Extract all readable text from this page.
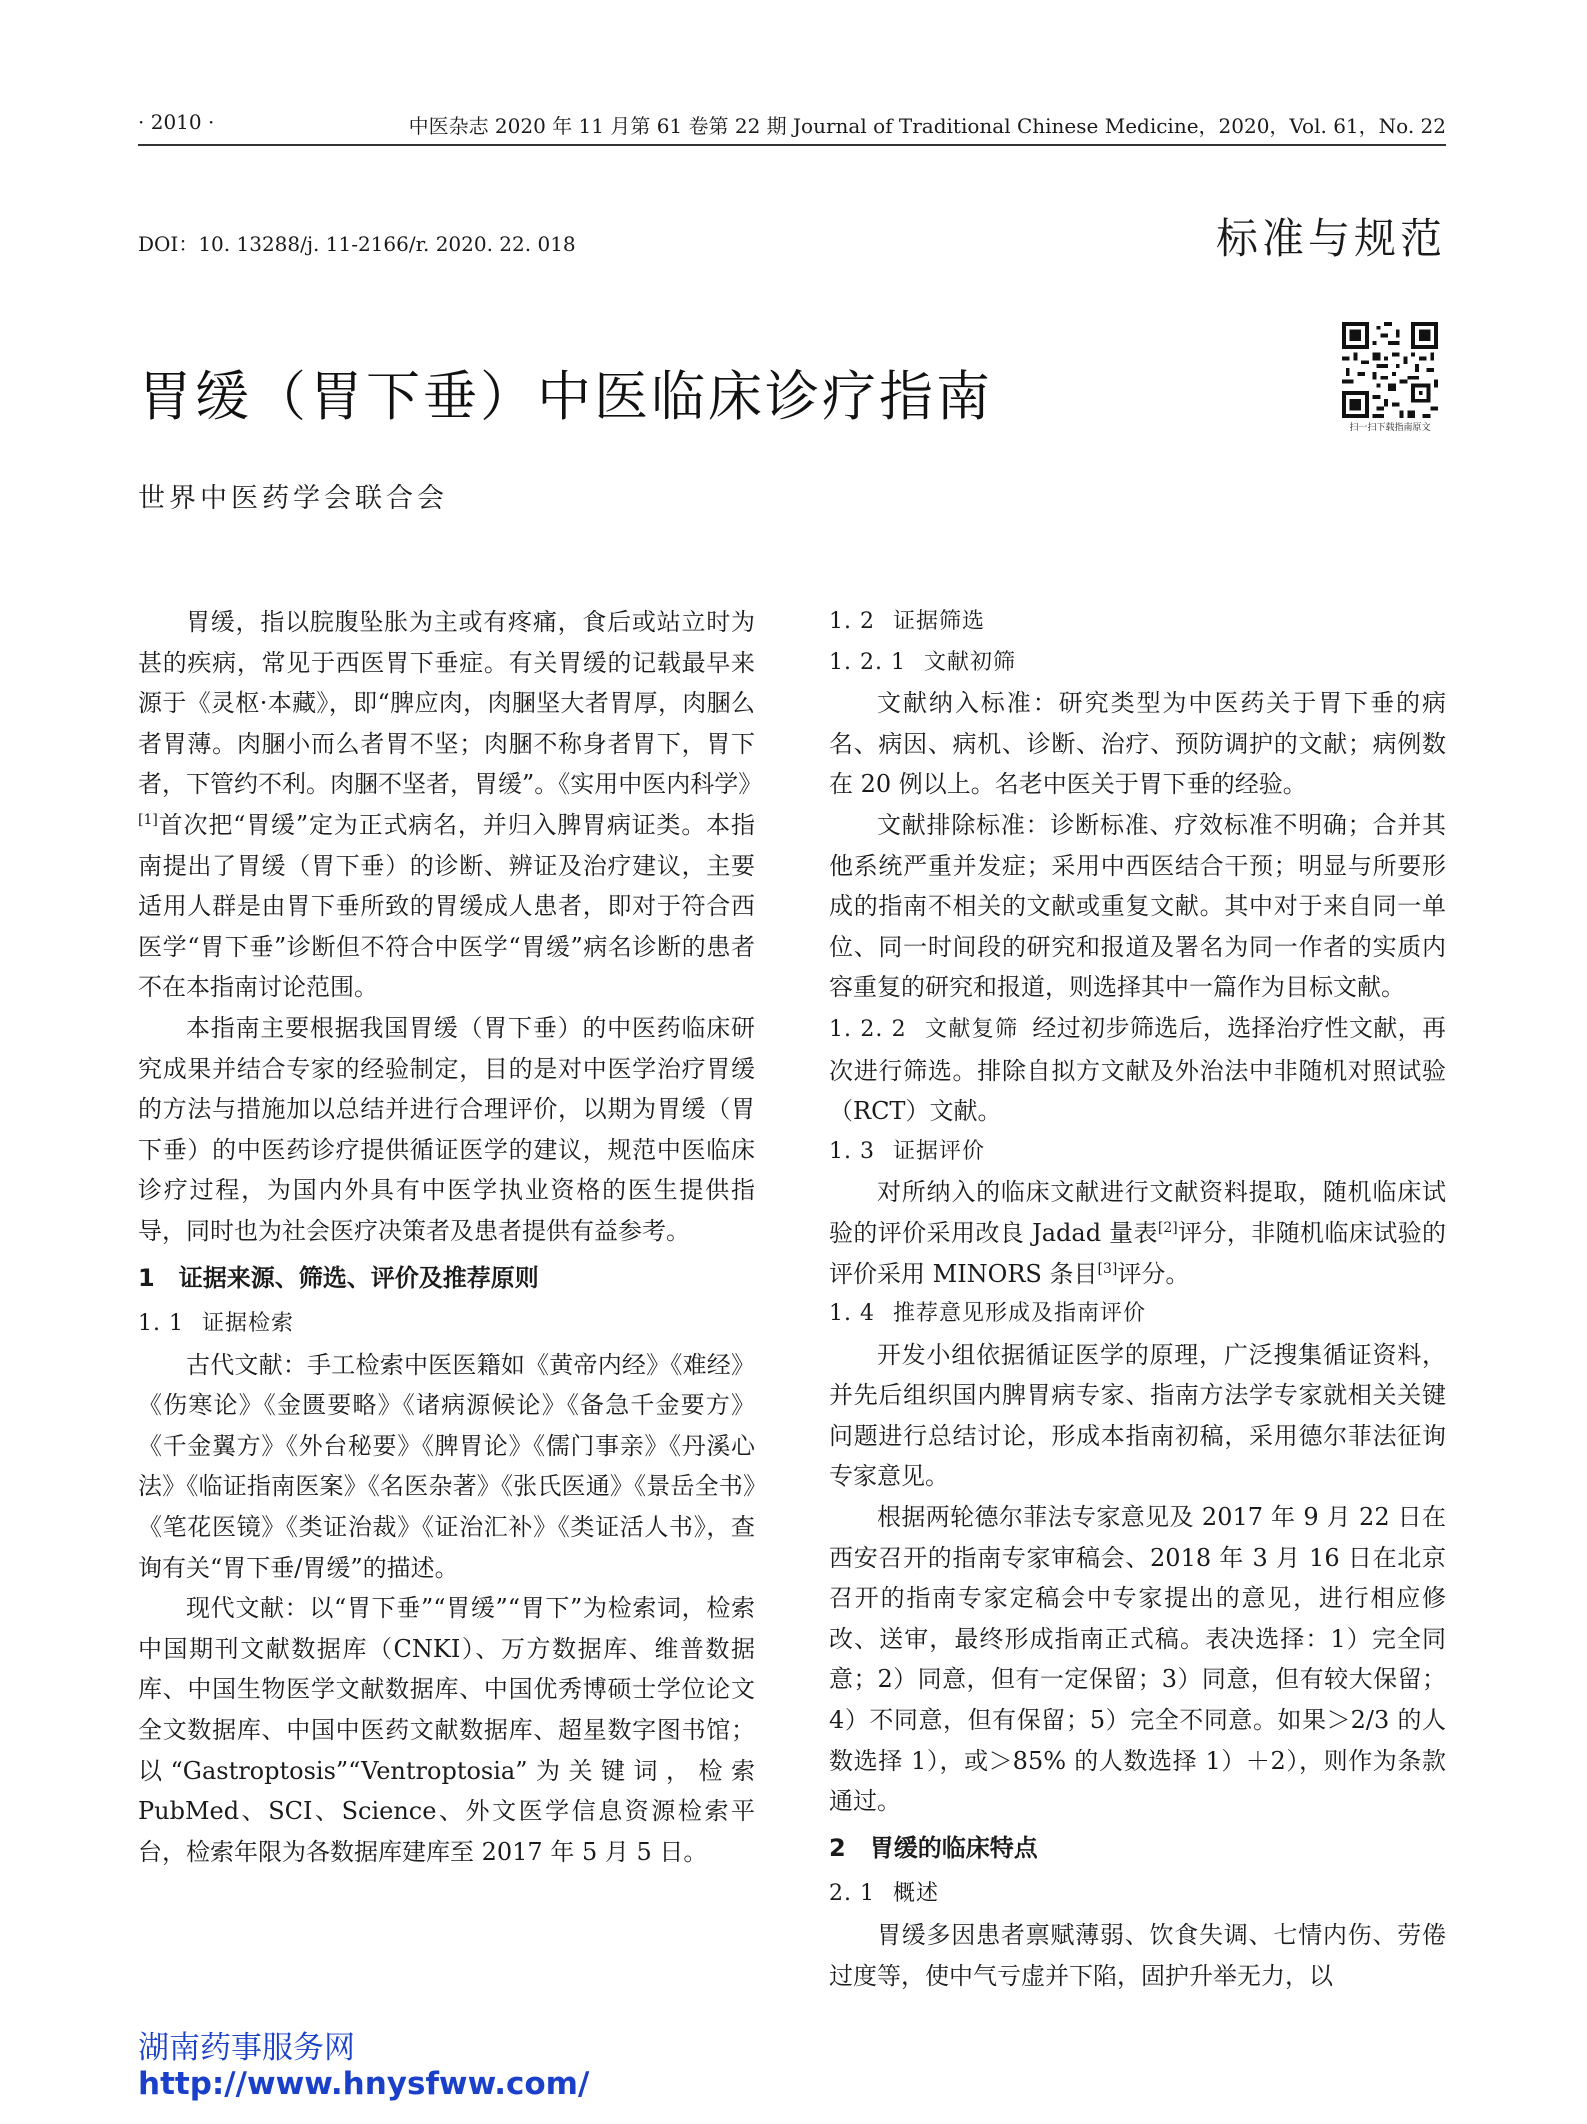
· 2010 ·	中医杂志 2020 年 11 月第 61 卷第 22 期 Journal of Traditional Chinese Medicine，2020，Vol. 61，No. 22
DOI：10. 13288/j. 11-2166/r. 2020. 22. 018	标准与规范
胃缓（胃下垂）中医临床诊疗指南	扫一扫下载指南原文
世界中医药学会联合会

胃缓，指以脘腹坠胀为主或有疼痛，食后或站立时为甚的疾病，常见于西医胃下垂症。有关胃缓的记载最早来源于《灵枢·本藏》，即“脾应肉，肉䐃坚大者胃厚，肉䐃么者胃薄。肉䐃小而么者胃不坚；肉䐃不称身者胃下，胃下者，下管约不利。肉䐃不坚者，胃缓”。《实用中医内科学》[1]首次把“胃缓”定为正式病名，并归入脾胃病证类。本指南提出了胃缓（胃下垂）的诊断、辨证及治疗建议，主要适用人群是由胃下垂所致的胃缓成人患者，即对于符合西医学“胃下垂”诊断但不符合中医学“胃缓”病名诊断的患者不在本指南讨论范围。

本指南主要根据我国胃缓（胃下垂）的中医药临床研究成果并结合专家的经验制定，目的是对中医学治疗胃缓的方法与措施加以总结并进行合理评价，以期为胃缓（胃下垂）的中医药诊疗提供循证医学的建议，规范中医临床诊疗过程，为国内外具有中医学执业资格的医生提供指导，同时也为社会医疗决策者及患者提供有益参考。

1　证据来源、筛选、评价及推荐原则
1. 1 证据检索

古代文献：手工检索中医医籍如《黄帝内经》《难经》《伤寒论》《金匮要略》《诸病源候论》《备急千金要方》《千金翼方》《外台秘要》《脾胃论》《儒门事亲》《丹溪心法》《临证指南医案》《名医杂著》《张氏医通》《景岳全书》《笔花医镜》《类证治裁》《证治汇补》《类证活人书》，查询有关“胃下垂/胃缓”的描述。

现代文献：以“胃下垂”“胃缓”“胃下”为检索词，检索中国期刊文献数据库（CNKI）、万方数据库、维普数据库、中国生物医学文献数据库、中国优秀博硕士学位论文全文数据库、中国中医药文献数据库、超星数字图书馆；以“Gastroptosis”“Ventroptosia”为关键词，检索 PubMed、SCI、Science、外文医学信息资源检索平台，检索年限为各数据库建库至 2017 年 5 月 5 日。

1. 2 证据筛选
1. 2. 1 文献初筛

文献纳入标准：研究类型为中医药关于胃下垂的病名、病因、病机、诊断、治疗、预防调护的文献；病例数在 20 例以上。名老中医关于胃下垂的经验。

文献排除标准：诊断标准、疗效标准不明确；合并其他系统严重并发症；采用中西医结合干预；明显与所要形成的指南不相关的文献或重复文献。其中对于来自同一单位、同一时间段的研究和报道及署名为同一作者的实质内容重复的研究和报道，则选择其中一篇作为目标文献。

1. 2. 2 文献复筛 经过初步筛选后，选择治疗性文献，再次进行筛选。排除自拟方文献及外治法中非随机对照试验（RCT）文献。

1. 3 证据评价

对所纳入的临床文献进行文献资料提取，随机临床试验的评价采用改良 Jadad 量表[2]评分，非随机临床试验的评价采用 MINORS 条目[3]评分。

1. 4 推荐意见形成及指南评价

开发小组依据循证医学的原理，广泛搜集循证资料，并先后组织国内脾胃病专家、指南方法学专家就相关关键问题进行总结讨论，形成本指南初稿，采用德尔菲法征询专家意见。

根据两轮德尔菲法专家意见及 2017 年 9 月 22 日在西安召开的指南专家审稿会、2018 年 3 月 16 日在北京召开的指南专家定稿会中专家提出的意见，进行相应修改、送审，最终形成指南正式稿。表决选择：1）完全同意；2）同意，但有一定保留；3）同意，但有较大保留；4）不同意，但有保留；5）完全不同意。如果＞2/3 的人数选择 1），或＞85% 的人数选择 1）＋2），则作为条款通过。

2　胃缓的临床特点
2. 1 概述

胃缓多因患者禀赋薄弱、饮食失调、七情内伤、劳倦过度等，使中气亏虚并下陷，固护升举无力，以

湖南药事服务网
http://www.hnysfww.com/
